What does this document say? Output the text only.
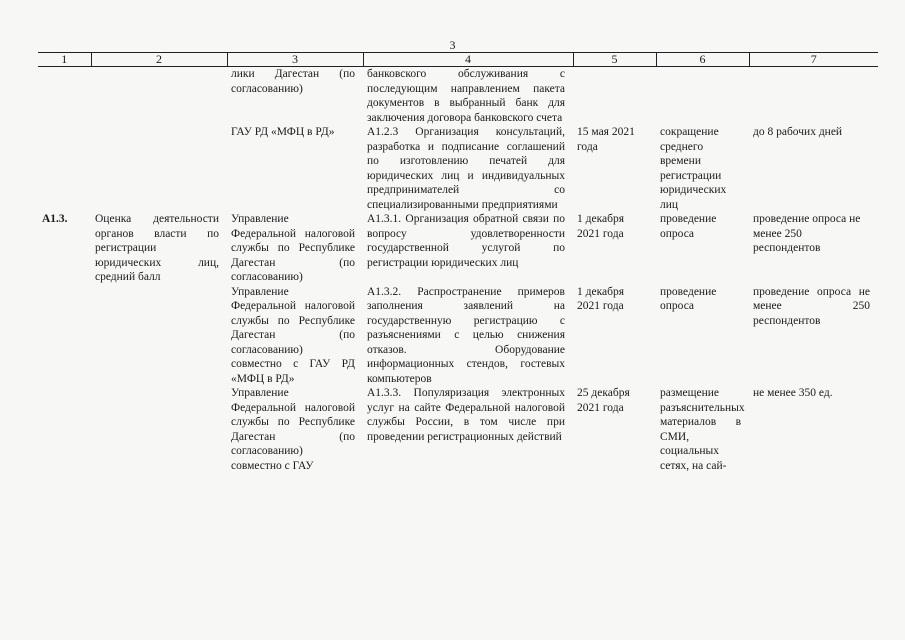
3
1	2	3	4	5	6	7
		лики Дагестан (по согласованию)	банковского обслуживания с последующим направлением пакета документов в выбранный банк для заключения договора банковского счета			
		ГАУ РД «МФЦ в РД»	А1.2.3 Организация консультаций, разработка и подписание соглашений по изготовлению печатей для юридических лиц и индивидуальных предпринимателей со специализированными предприятиями	15 мая 2021 года	сокращение среднего времени регистрации юридических лиц	до 8 рабочих дней
А1.3.	Оценка деятельности органов власти по регистрации юридических лиц, средний балл	Управление Федеральной налоговой службы по Республике Дагестан (по согласованию)	А1.3.1. Организация обратной связи по вопросу удовлетворенности государственной услугой по регистрации юридических лиц	1 декабря 2021 года	проведение опроса	проведение опроса не менее 250 респондентов
		Управление Федеральной налоговой службы по Республике Дагестан (по согласованию) совместно с ГАУ РД «МФЦ в РД»	А1.3.2. Распространение примеров заполнения заявлений на государственную регистрацию с разъяснениями с целью снижения отказов. Оборудование информационных стендов, гостевых компьютеров	1 декабря 2021 года	проведение опроса	проведение опроса не менее 250 респондентов
		Управление Федеральной налоговой службы по Республике Дагестан (по согласованию) совместно с ГАУ	А1.3.3. Популяризация электронных услуг на сайте Федеральной налоговой службы России, в том числе при проведении регистрационных действий	25 декабря 2021 года	размещение разъяснительных материалов в СМИ, социальных сетях, на сай-	не менее 350 ед.
